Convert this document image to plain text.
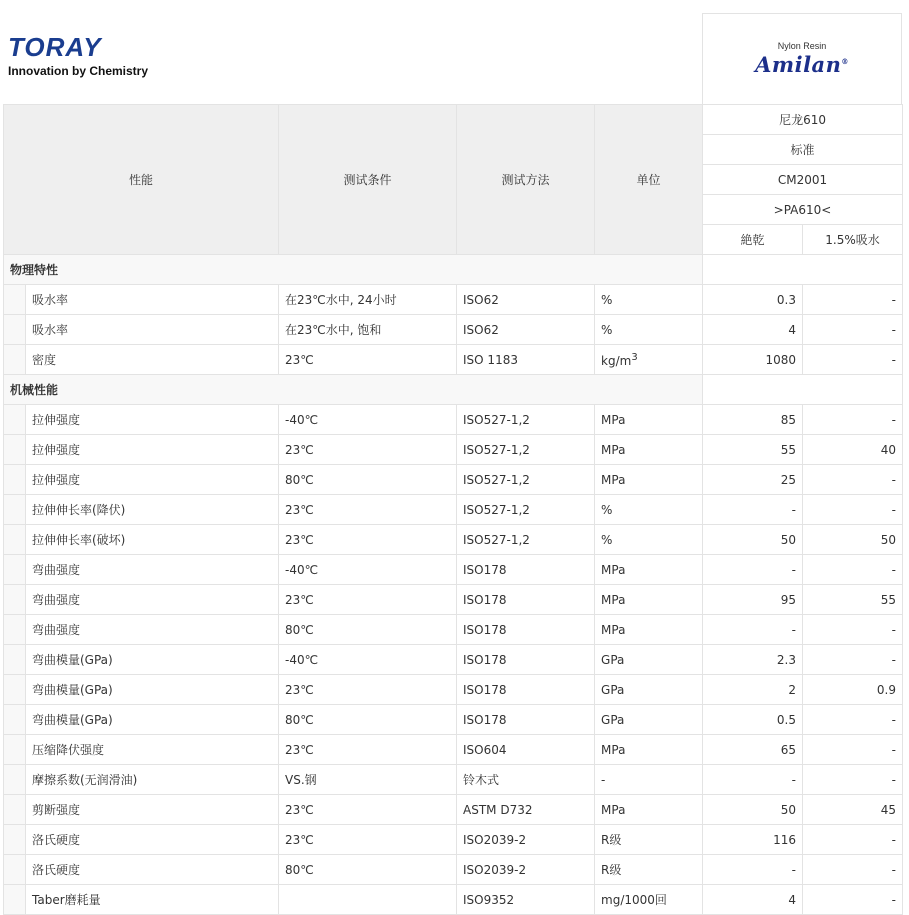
TORAY
Innovation by Chemistry
Nylon Resin
Amilan®
性能		测试条件	测试方法	单位	尼龙610	
					标准	
					CM2001	
					>PA610<	
					絶乾	1.5%吸水
物理特性						
	吸水率	在23℃水中, 24小时	ISO62	%	0.3	-
	吸水率	在23℃水中, 饱和	ISO62	%	4	-
	密度	23℃	ISO 1183	$kg/m^3$	1080	-
机械性能						
	拉伸强度	-40℃	ISO527-1,2	MPa	85	-
	拉伸强度	23℃	ISO527-1,2	MPa	55	40
	拉伸强度	80℃	ISO527-1,2	MPa	25	-
	拉伸伸长率(降伏)	23℃	ISO527-1,2	%	-	-
	拉伸伸长率(破坏)	23℃	ISO527-1,2	%	50	50
	弯曲强度	-40℃	ISO178	MPa	-	-
	弯曲强度	23℃	ISO178	MPa	95	55
	弯曲强度	80℃	ISO178	MPa	-	-
	弯曲模量(GPa)	-40℃	ISO178	GPa	2.3	-
	弯曲模量(GPa)	23℃	ISO178	GPa	2	0.9
	弯曲模量(GPa)	80℃	ISO178	GPa	0.5	-
	压缩降伏强度	23℃	ISO604	MPa	65	-
	摩擦系数(无润滑油)	VS.钢	铃木式	-	-	-
	剪断强度	23℃	ASTM D732	MPa	50	45
	洛氏硬度	23℃	ISO2039-2	R级	116	-
	洛氏硬度	80℃	ISO2039-2	R级	-	-
	Taber磨耗量		ISO9352	mg/1000回	4	-
